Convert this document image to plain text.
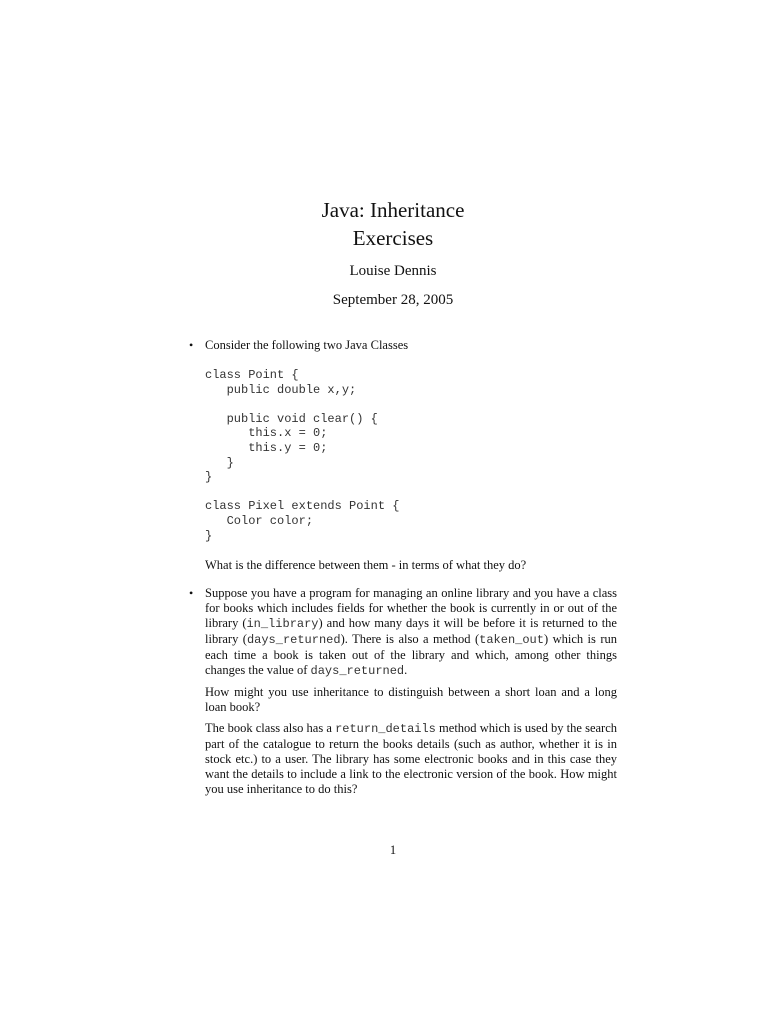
Java: Inheritance

Exercises

Louise Dennis
September 28, 2005
• Consider the following two Java Classes

class Point {
public double x,y;

public void clear() {
this.x = 0;
this.y = 0;
}
}

class Pixel extends Point {
Color color;
}

What is the difference between them - in terms of what they do?

• Suppose you have a program for managing an online library and you have a class for books which includes fields for whether the book is currently in or out of the library (in_library) and how many days it will be before it is returned to the library (days_returned). There is also a method (taken_out) which is run each time a book is taken out of the library and which, among other things changes the value of days_returned.

How might you use inheritance to distinguish between a short loan and a long loan book?

The book class also has a return_details method which is used by the search part of the catalogue to return the books details (such as author, whether it is in stock etc.) to a user. The library has some electronic books and in this case they want the details to include a link to the electronic version of the book. How might you use inheritance to do this?

1
